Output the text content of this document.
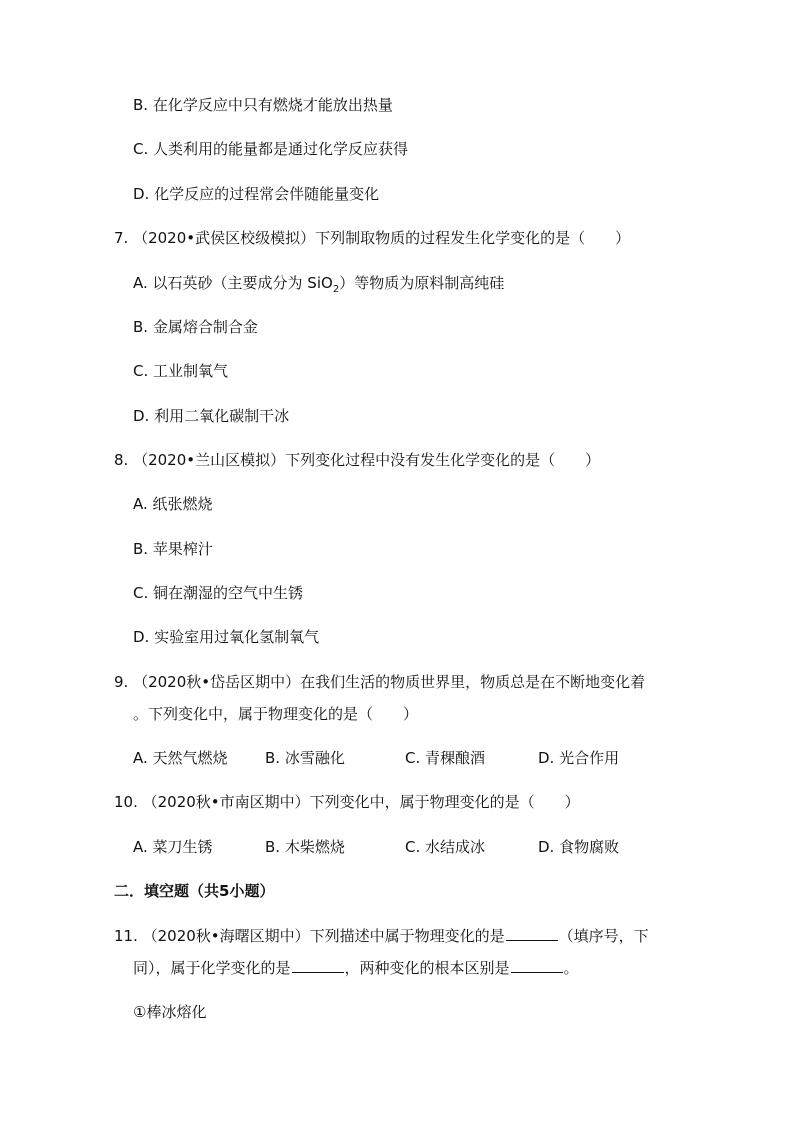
B. 在化学反应中只有燃烧才能放出热量
C. 人类利用的能量都是通过化学反应获得
D. 化学反应的过程常会伴随能量变化
7. （2020•武侯区校级模拟）下列制取物质的过程发生化学变化的是（　　）
A. 以石英砂（主要成分为 SiO$_2$）等物质为原料制高纯硅
B. 金属熔合制合金
C. 工业制氧气
D. 利用二氧化碳制干冰
8. （2020•兰山区模拟）下列变化过程中没有发生化学变化的是（　　）
A. 纸张燃烧
B. 苹果榨汁
C. 铜在潮湿的空气中生锈
D. 实验室用过氧化氢制氧气
9. （2020秋•岱岳区期中）在我们生活的物质世界里，物质总是在不断地变化着
。下列变化中，属于物理变化的是（　　）
A. 天然气燃烧 B. 冰雪融化	C. 青稞酿酒	D. 光合作用
10. （2020秋•市南区期中）下列变化中，属于物理变化的是（　　）
A. 菜刀生锈	B. 木柴燃烧	C. 水结成冰	D. 食物腐败
二．填空题（共5小题）
11. （2020秋•海曙区期中）下列描述中属于物理变化的是	（填序号，下
同），属于化学变化的是	，两种变化的根本区别是	。
①棒冰熔化
